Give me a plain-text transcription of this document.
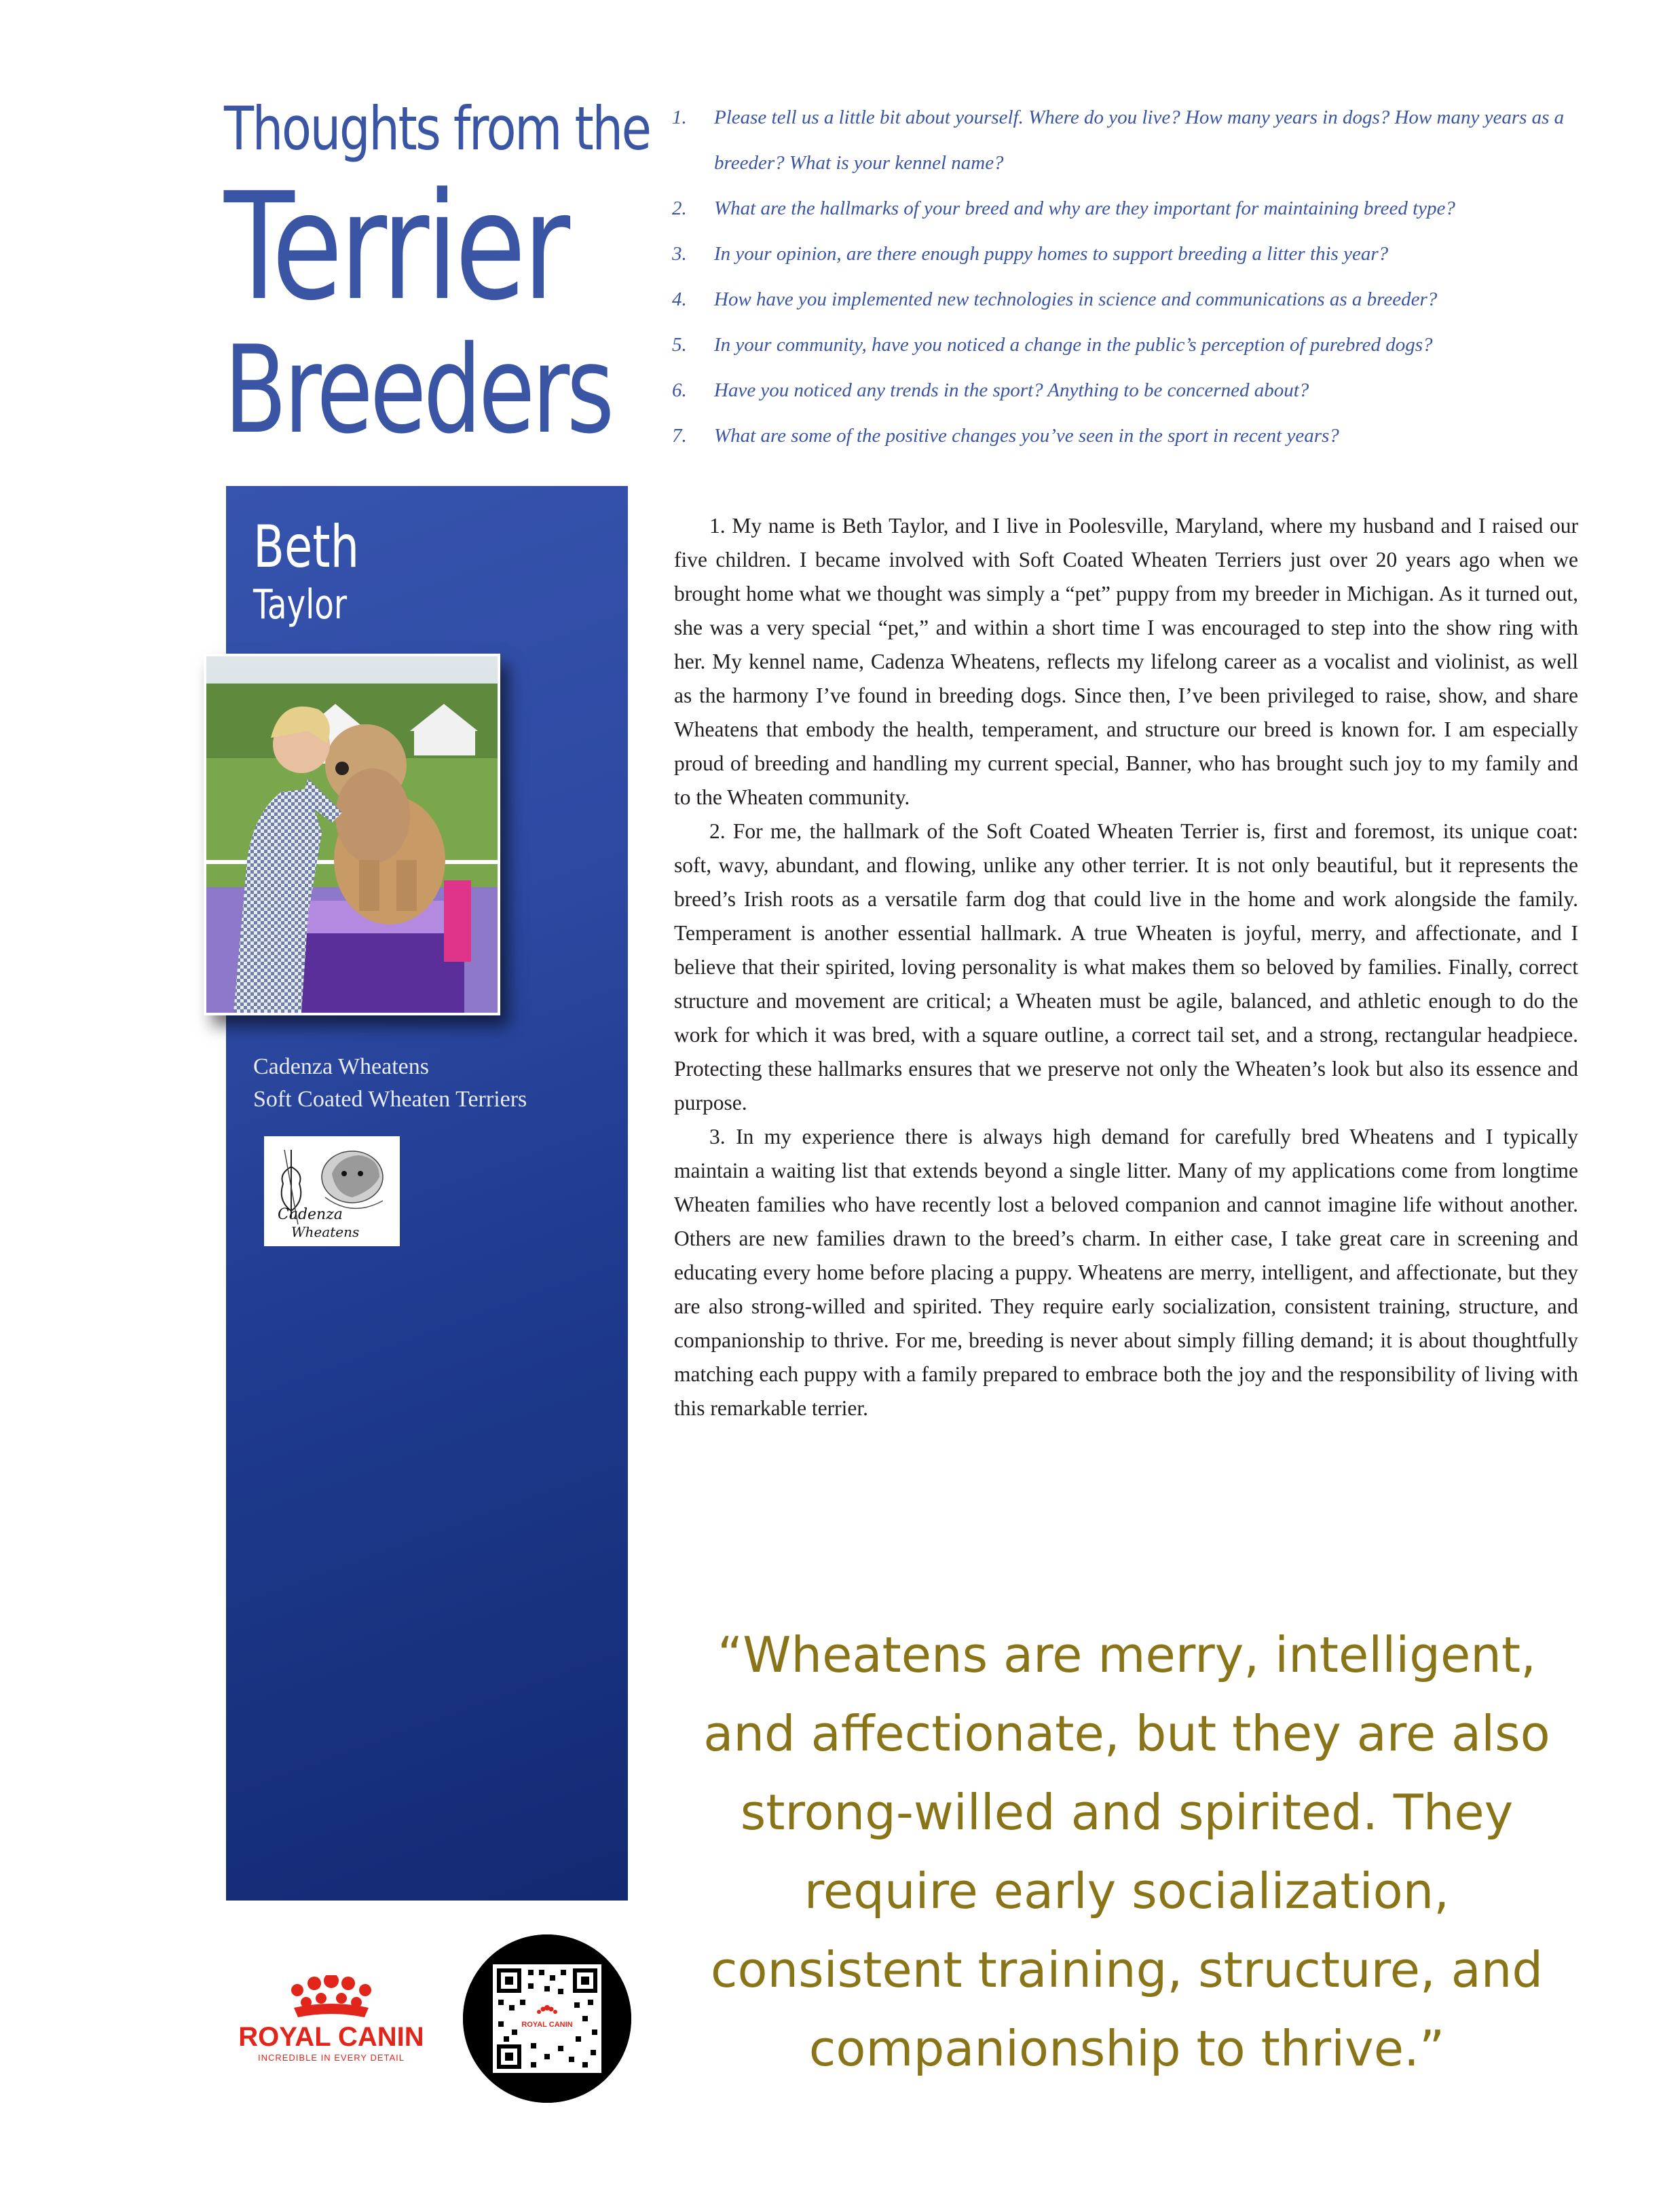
Thoughts from the
Terrier
Breeders
1. Please tell us a little bit about yourself. Where do you live? How many years in dogs? How many years as a breeder? What is your kennel name?
2. What are the hallmarks of your breed and why are they important for maintaining breed type?
3. In your opinion, are there enough puppy homes to support breeding a litter this year?
4. How have you implemented new technologies in science and communications as a breeder?
5. In your community, have you noticed a change in the public’s perception of purebred dogs?
6. Have you noticed any trends in the sport? Anything to be concerned about?
7. What are some of the positive changes you’ve seen in the sport in recent years?
Beth
Taylor
Cadenza Wheatens
Soft Coated Wheaten Terriers
Cadenza
Wheatens

1. My name is Beth Taylor, and I live in Poolesville, Maryland, where my husband and I raised our five children. I became involved with Soft Coated Wheaten Terriers just over 20 years ago when we brought home what we thought was simply a “pet” puppy from my breeder in Michigan. As it turned out, she was a very special “pet,” and within a short time I was encouraged to step into the show ring with her. My kennel name, Cadenza Wheatens, reflects my lifelong career as a vocalist and violinist, as well as the harmony I’ve found in breeding dogs. Since then, I’ve been privileged to raise, show, and share Wheatens that embody the health, temperament, and structure our breed is known for. I am especially proud of breeding and handling my current special, Banner, who has brought such joy to my family and to the Wheaten community.

2. For me, the hallmark of the Soft Coated Wheaten Terrier is, first and foremost, its unique coat: soft, wavy, abundant, and flowing, unlike any other terrier. It is not only beautiful, but it represents the breed’s Irish roots as a versatile farm dog that could live in the home and work alongside the family. Temperament is another essential hallmark. A true Wheaten is joyful, merry, and affectionate, and I believe that their spirited, loving personality is what makes them so beloved by families. Finally, correct structure and movement are critical; a Wheaten must be agile, balanced, and athletic enough to do the work for which it was bred, with a square outline, a correct tail set, and a strong, rectangular headpiece. Protecting these hallmarks ensures that we preserve not only the Wheaten’s look but also its essence and purpose.

3. In my experience there is always high demand for carefully bred Wheatens and I typically maintain a waiting list that extends beyond a single litter. Many of my applications come from longtime Wheaten families who have recently lost a beloved companion and cannot imagine life without another. Others are new families drawn to the breed’s charm. In either case, I take great care in screening and educating every home before placing a puppy. Wheatens are merry, intelligent, and affectionate, but they are also strong-willed and spirited. They require early socialization, consistent training, structure, and companionship to thrive. For me, breeding is never about simply filling demand; it is about thoughtfully matching each puppy with a family prepared to embrace both the joy and the responsibility of living with this remarkable terrier.

“Wheatens are merry, intelligent, and affectionate, but they are also strong-willed and spirited. They require early socialization, consistent training, structure, and companionship to thrive.”
ROYAL CANIN
INCREDIBLE IN EVERY DETAIL
ROYAL CANIN
